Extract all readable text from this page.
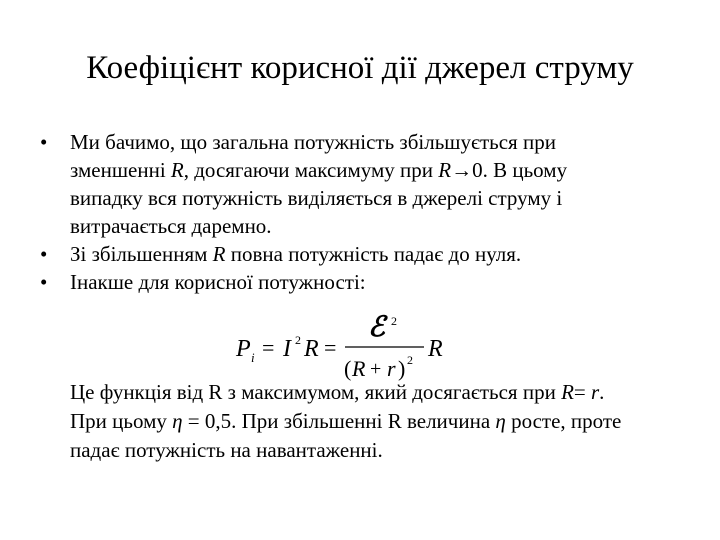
Коефіцієнт корисної дії джерел струму
•	Ми бачимо, що загальна потужність збільшується при
зменшенні R, досягаючи максимуму при R→0. В цьому
випадку вся потужність виділяється в джерелі струму і
витрачається даремно.
•	Зі збільшенням R повна потужність падає до нуля.
•	Інакше для корисної потужності:
P i = I 2 R =
ℰ 2
( R + r ) 2 R
Це функція від R з максимумом, який досягається при R= r.
При цьому η = 0,5. При збільшенні R величина η росте, проте
падає потужність на навантаженні.
